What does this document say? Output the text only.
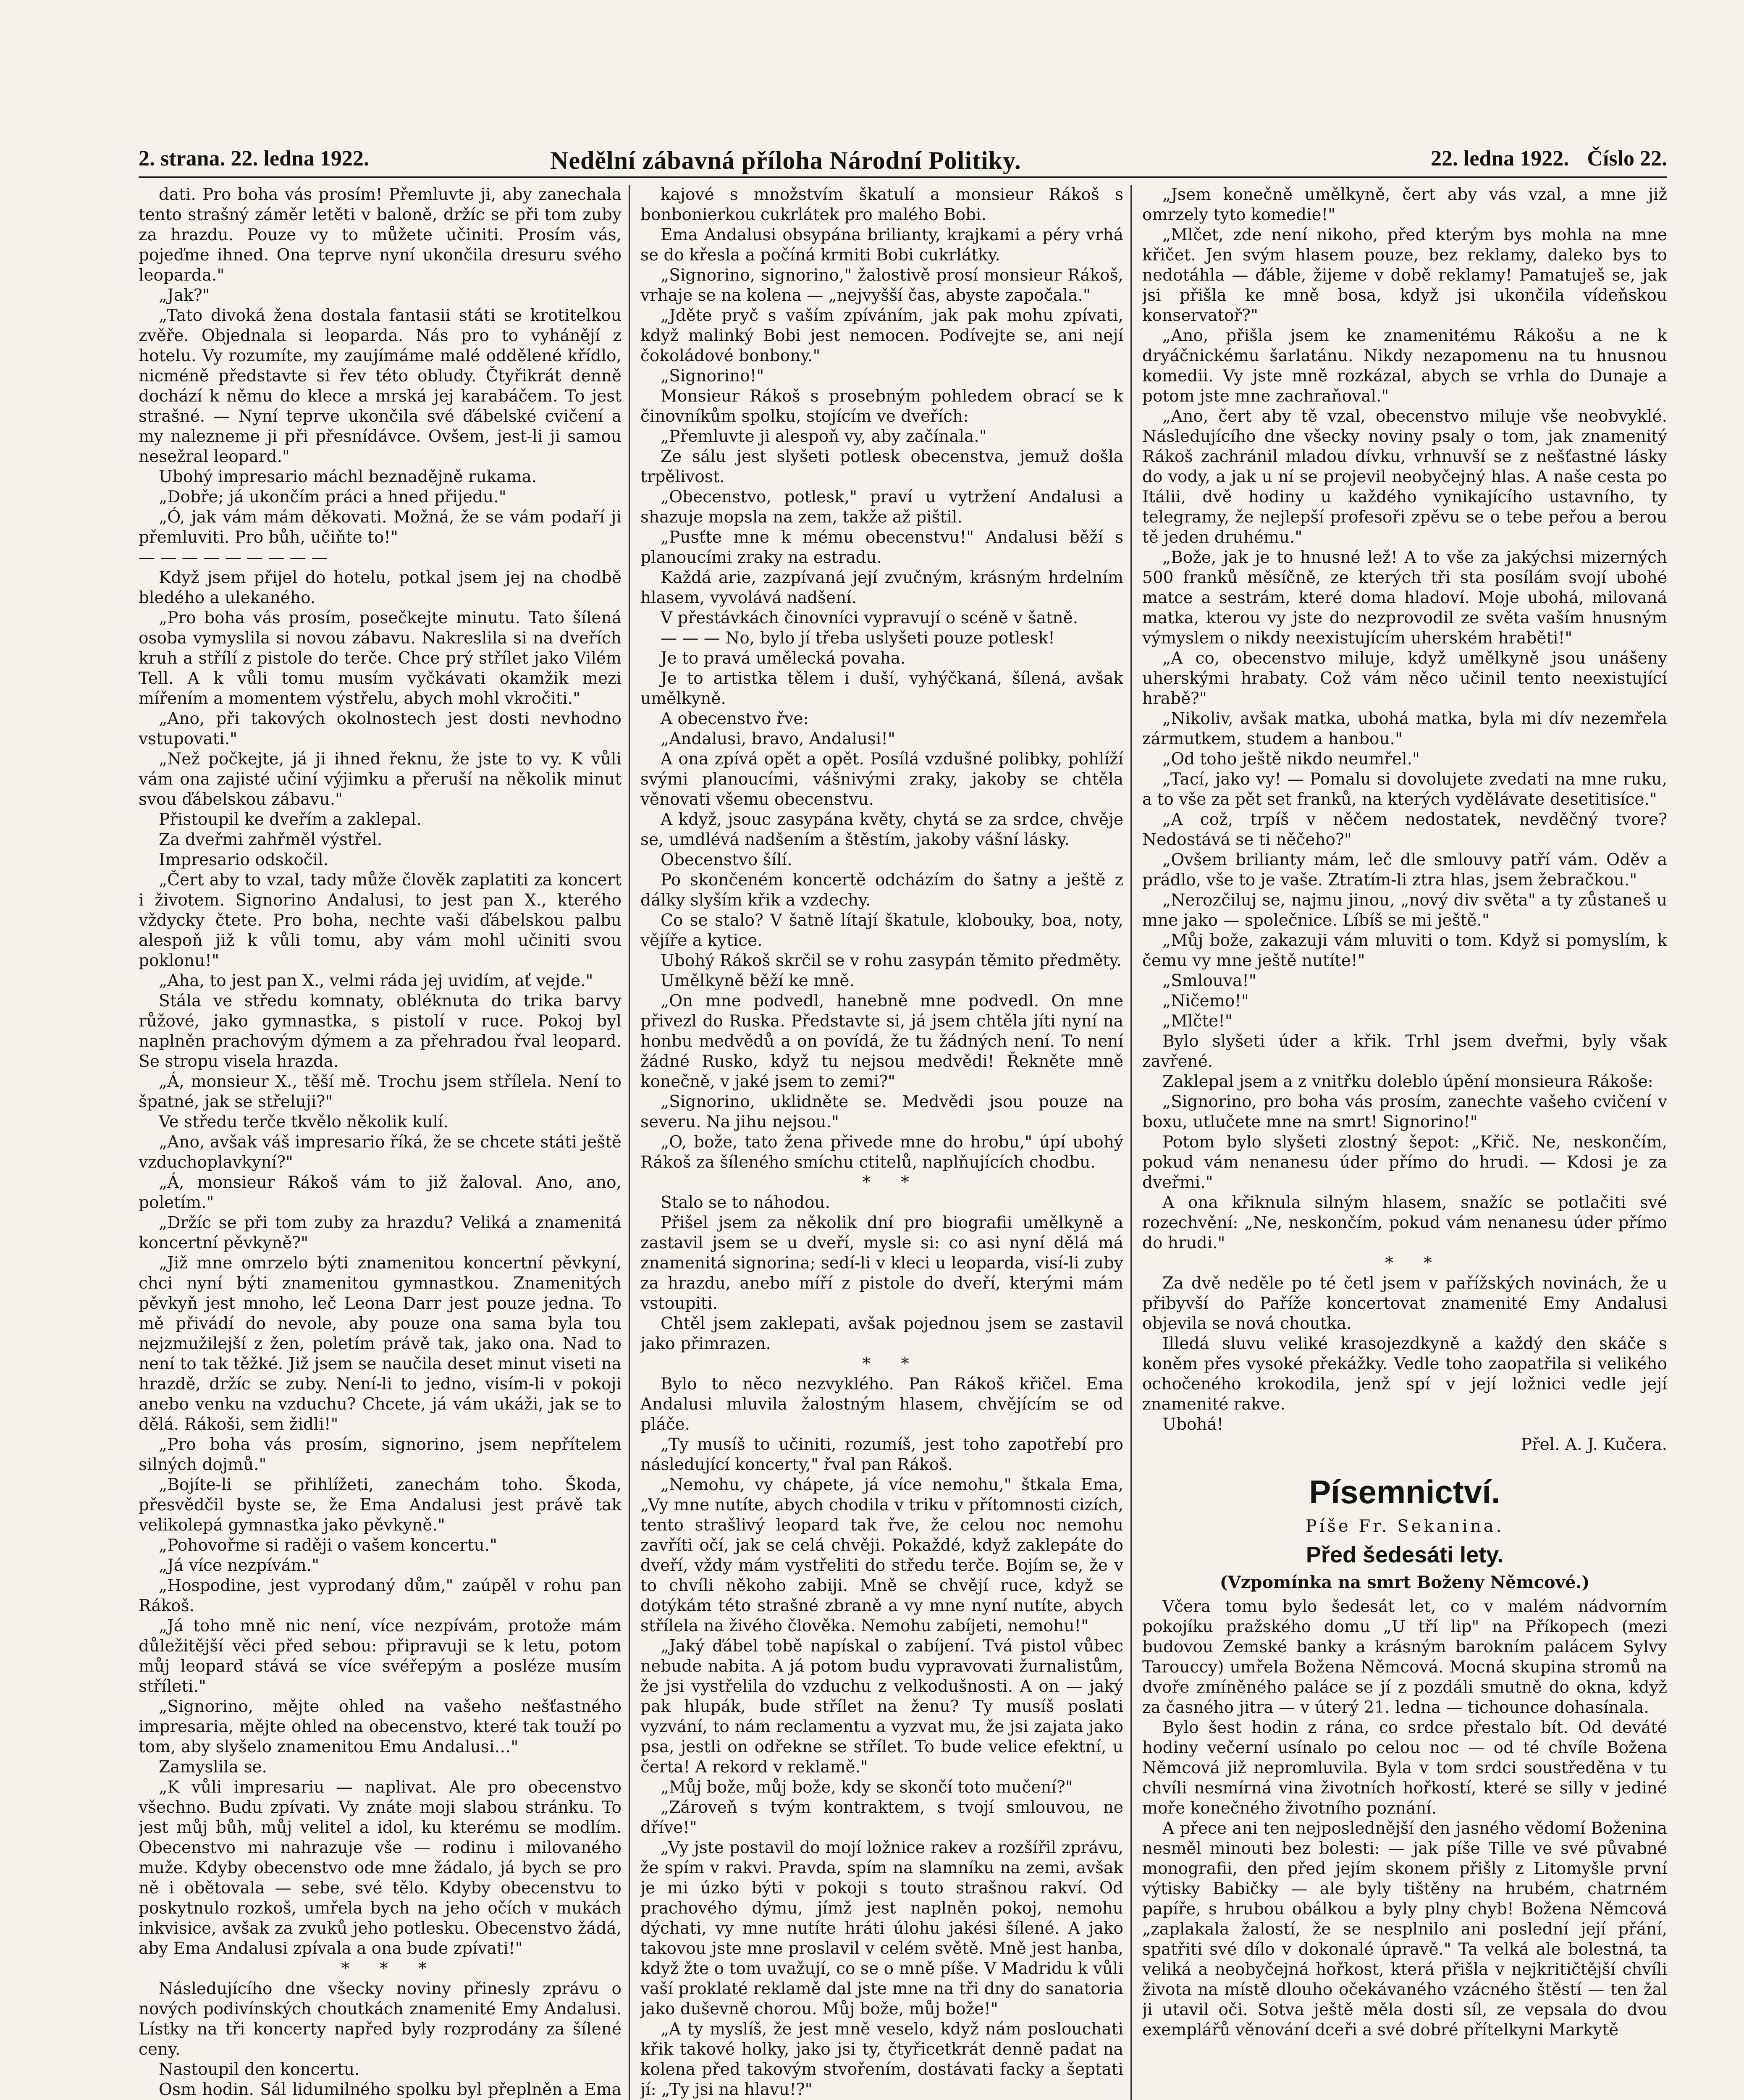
2. strana. 22. ledna 1922.	Nedělní zábavná příloha Národní Politiky.	22. ledna 1922. Číslo 22.

dati. Pro boha vás prosím! Přemluvte ji, aby zanechala tento strašný záměr letěti v baloně, držíc se při tom zuby za hrazdu. Pouze vy to můžete učiniti. Prosím vás, pojeďme ihned. Ona teprve nyní ukončila dresuru svého leoparda."

„Jak?"

„Tato divoká žena dostala fantasii státi se krotitelkou zvěře. Objednala si leoparda. Nás pro to vyhánějí z hotelu. Vy rozumíte, my zaujímáme malé oddělené křídlo, nicméně představte si řev této obludy. Čtyřikrát denně dochází k němu do klece a mrská jej karabáčem. To jest strašné. — Nyní teprve ukončila své ďábelské cvičení a my nalezneme ji při přesnídávce. Ovšem, jest-li ji samou nesežral leopard."

Ubohý impresario máchl beznadějně rukama.

„Dobře; já ukončím práci a hned přijedu."

„Ó, jak vám mám děkovati. Možná, že se vám podaří ji přemluviti. Pro bůh, učiňte to!"

— — — — — — — — —

Když jsem přijel do hotelu, potkal jsem jej na chodbě bledého a ulekaného.

„Pro boha vás prosím, posečkejte minutu. Tato šílená osoba vymyslila si novou zábavu. Nakreslila si na dveřích kruh a střílí z pistole do terče. Chce prý střílet jako Vilém Tell. A k vůli tomu musím vyčkávati okamžik mezi mířením a momentem výstřelu, abych mohl vkročiti."

„Ano, při takových okolnostech jest dosti nevhodno vstupovati."

„Než počkejte, já ji ihned řeknu, že jste to vy. K vůli vám ona zajisté učiní výjimku a přeruší na několik minut svou ďábelskou zábavu."

Přistoupil ke dveřím a zaklepal.

Za dveřmi zahřměl výstřel.

Impresario odskočil.

„Čert aby to vzal, tady může člověk zaplatiti za koncert i životem. Signorino Andalusi, to jest pan X., kterého vždycky čtete. Pro boha, nechte vaši ďábelskou palbu alespoň již k vůli tomu, aby vám mohl učiniti svou poklonu!"

„Aha, to jest pan X., velmi ráda jej uvidím, ať vejde."

Stála ve středu komnaty, obléknuta do trika barvy růžové, jako gymnastka, s pistolí v ruce. Pokoj byl naplněn prachovým dýmem a za přehradou řval leopard. Se stropu visela hrazda.

„Á, monsieur X., těší mě. Trochu jsem střílela. Není to špatné, jak se střeluji?"

Ve středu terče tkvělo několik kulí.

„Ano, avšak váš impresario říká, že se chcete státi ještě vzduchoplavkyní?"

„Á, monsieur Rákoš vám to již žaloval. Ano, ano, poletím."

„Držíc se při tom zuby za hrazdu? Veliká a znamenitá koncertní pěvkyně?"

„Již mne omrzelo býti znamenitou koncertní pěvkyní, chci nyní býti znamenitou gymnastkou. Znamenitých pěvkyň jest mnoho, leč Leona Darr jest pouze jedna. To mě přivádí do nevole, aby pouze ona sama byla tou nejzmužilejší z žen, poletím právě tak, jako ona. Nad to není to tak těžké. Již jsem se naučila deset minut viseti na hrazdě, držíc se zuby. Není-li to jedno, visím-li v pokoji anebo venku na vzduchu? Chcete, já vám ukáži, jak se to dělá. Rákoši, sem židli!"

„Pro boha vás prosím, signorino, jsem nepřítelem silných dojmů."

„Bojíte-li se přihlížeti, zanechám toho. Škoda, přesvědčil byste se, že Ema Andalusi jest právě tak velikolepá gymnastka jako pěvkyně."

„Pohovořme si raději o vašem koncertu."

„Já více nezpívám."

„Hospodine, jest vyprodaný dům," zaúpěl v rohu pan Rákoš.

„Já toho mně nic není, více nezpívám, protože mám důležitější věci před sebou: připravuji se k letu, potom můj leopard stává se více svéřepým a posléze musím stříleti."

„Signorino, mějte ohled na vašeho nešťastného impresaria, mějte ohled na obecenstvo, které tak touží po tom, aby slyšelo znamenitou Emu Andalusi…"

Zamyslila se.

„K vůli impresariu — naplivat. Ale pro obecenstvo všechno. Budu zpívati. Vy znáte moji slabou stránku. To jest můj bůh, můj velitel a idol, ku kterému se modlím. Obecenstvo mi nahrazuje vše — rodinu i milovaného muže. Kdyby obecenstvo ode mne žádalo, já bych se pro ně i obětovala — sebe, své tělo. Kdyby obecenstvu to poskytnulo rozkoš, umřela bych na jeho očích v mukách inkvisice, avšak za zvuků jeho potlesku. Obecenstvo žádá, aby Ema Andalusi zpívala a ona bude zpívati!"

* * *

Následujícího dne všecky noviny přinesly zprávu o nových podivínských choutkách znamenité Emy Andalusi. Lístky na tři koncerty napřed byly rozprodány za šílené ceny.

Nastoupil den koncertu.

Osm hodin. Sál lidumilného spolku byl přeplněn a Ema

kajové s množstvím škatulí a monsieur Rákoš s bonbonierkou cukrlátek pro malého Bobi.

Ema Andalusi obsypána brilianty, krajkami a péry vrhá se do křesla a počíná krmiti Bobi cukrlátky.

„Signorino, signorino," žalostivě prosí monsieur Rákoš, vrhaje se na kolena — „nejvyšší čas, abyste započala."

„Jděte pryč s vaším zpíváním, jak pak mohu zpívati, když malinký Bobi jest nemocen. Podívejte se, ani nejí čokoládové bonbony."

„Signorino!"

Monsieur Rákoš s prosebným pohledem obrací se k činovníkům spolku, stojícím ve dveřích:

„Přemluvte ji alespoň vy, aby začínala."

Ze sálu jest slyšeti potlesk obecenstva, jemuž došla trpělivost.

„Obecenstvo, potlesk," praví u vytržení Andalusi a shazuje mopsla na zem, takže až pištil.

„Pusťte mne k mému obecenstvu!" Andalusi běží s planoucími zraky na estradu.

Každá arie, zazpívaná její zvučným, krásným hrdelním hlasem, vyvolává nadšení.

V přestávkách činovníci vypravují o scéně v šatně.

— — — No, bylo jí třeba uslyšeti pouze potlesk!

Je to pravá umělecká povaha.

Je to artistka tělem i duší, vyhýčkaná, šílená, avšak umělkyně.

A obecenstvo řve:

„Andalusi, bravo, Andalusi!"

A ona zpívá opět a opět. Posílá vzdušné polibky, pohlíží svými planoucími, vášnivými zraky, jakoby se chtěla věnovati všemu obecenstvu.

A když, jsouc zasypána květy, chytá se za srdce, chvěje se, umdlévá nadšením a štěstím, jakoby vášní lásky.

Obecenstvo šílí.

Po skončeném koncertě odcházím do šatny a ještě z dálky slyším křik a vzdechy.

Co se stalo? V šatně lítají škatule, klobouky, boa, noty, vějíře a kytice.

Ubohý Rákoš skrčil se v rohu zasypán těmito předměty.

Umělkyně běží ke mně.

„On mne podvedl, hanebně mne podvedl. On mne přivezl do Ruska. Představte si, já jsem chtěla jíti nyní na honbu medvědů a on povídá, že tu žádných není. To není žádné Rusko, když tu nejsou medvědi! Řekněte mně konečně, v jaké jsem to zemi?"

„Signorino, uklidněte se. Medvědi jsou pouze na severu. Na jihu nejsou."

„O, bože, tato žena přivede mne do hrobu," úpí ubohý Rákoš za šíleného smíchu ctitelů, naplňujících chodbu.

* *

Stalo se to náhodou.

Přišel jsem za několik dní pro biografii umělkyně a zastavil jsem se u dveří, mysle si: co asi nyní dělá má znamenitá signorina; sedí-li v kleci u leoparda, visí-li zuby za hrazdu, anebo míří z pistole do dveří, kterými mám vstoupiti.

Chtěl jsem zaklepati, avšak pojednou jsem se zastavil jako přimrazen.

* *

Bylo to něco nezvyklého. Pan Rákoš křičel. Ema Andalusi mluvila žalostným hlasem, chvějícím se od pláče.

„Ty musíš to učiniti, rozumíš, jest toho zapotřebí pro následující koncerty," řval pan Rákoš.

„Nemohu, vy chápete, já více nemohu," štkala Ema, „Vy mne nutíte, abych chodila v triku v přítomnosti cizích, tento strašlivý leopard tak řve, že celou noc nemohu zavříti očí, jak se celá chvěji. Pokaždé, když zaklepáte do dveří, vždy mám vystřeliti do středu terče. Bojím se, že v to chvíli někoho zabiji. Mně se chvějí ruce, když se dotýkám této strašné zbraně a vy mne nyní nutíte, abych střílela na živého člověka. Nemohu zabíjeti, nemohu!"

„Jaký ďábel tobě napískal o zabíjení. Tvá pistol vůbec nebude nabita. A já potom budu vypravovati žurnalistům, že jsi vystřelila do vzduchu z velkodušnosti. A on — jaký pak hlupák, bude střílet na ženu? Ty musíš poslati vyzvání, to nám reclamentu a vyzvat mu, že jsi zajata jako psa, jestli on odřekne se střílet. To bude velice efektní, u čerta! A rekord v reklamě."

„Můj bože, můj bože, kdy se skončí toto mučení?"

„Zároveň s tvým kontraktem, s tvojí smlouvou, ne dříve!"

„Vy jste postavil do mojí ložnice rakev a rozšířil zprávu, že spím v rakvi. Pravda, spím na slamníku na zemi, avšak je mi úzko býti v pokoji s touto strašnou rakví. Od prachového dýmu, jímž jest naplněn pokoj, nemohu dýchati, vy mne nutíte hráti úlohu jakési šílené. A jako takovou jste mne proslavil v celém světě. Mně jest hanba, když žte o tom uvažují, co se o mně píše. V Madridu k vůli vaší proklaté reklamě dal jste mne na tři dny do sanatoria jako duševně chorou. Můj bože, můj bože!"

„A ty myslíš, že jest mně veselo, když nám poslouchati křik takové holky, jako jsi ty, čtyřicetkrát denně padat na kolena před takovým stvořením, dostávati facky a šeptati jí: „Ty jsi na hlavu!?"

„Jsem konečně umělkyně, čert aby vás vzal, a mne již omrzely tyto komedie!"

„Mlčet, zde není nikoho, před kterým bys mohla na mne křičet. Jen svým hlasem pouze, bez reklamy, daleko bys to nedotáhla — ďáble, žijeme v době reklamy! Pamatuješ se, jak jsi přišla ke mně bosa, když jsi ukončila vídeňskou konservatoř?"

„Ano, přišla jsem ke znamenitému Rákošu a ne k dryáčnickému šarlatánu. Nikdy nezapomenu na tu hnusnou komedii. Vy jste mně rozkázal, abych se vrhla do Dunaje a potom jste mne zachraňoval."

„Ano, čert aby tě vzal, obecenstvo miluje vše neobvyklé. Následujícího dne všecky noviny psaly o tom, jak znamenitý Rákoš zachránil mladou dívku, vrhnuvší se z nešťastné lásky do vody, a jak u ní se projevil neobyčejný hlas. A naše cesta po Itálii, dvě hodiny u každého vynikajícího ustavního, ty telegramy, že nejlepší profesoři zpěvu se o tebe peřou a berou tě jeden druhému."

„Bože, jak je to hnusné lež! A to vše za jakýchsi mizerných 500 franků měsíčně, ze kterých tři sta posílám svojí ubohé matce a sestrám, které doma hladoví. Moje ubohá, milovaná matka, kterou vy jste do nezprovodil ze světa vaším hnusným výmyslem o nikdy neexistujícím uherském hraběti!"

„A co, obecenstvo miluje, když umělkyně jsou unášeny uherskými hrabaty. Což vám něco učinil tento neexistující hrabě?"

„Nikoliv, avšak matka, ubohá matka, byla mi dív nezemřela zármutkem, studem a hanbou."

„Od toho ještě nikdo neumřel."

„Tací, jako vy! — Pomalu si dovolujete zvedati na mne ruku, a to vše za pět set franků, na kterých vydělávate desetitisíce."

„A což, trpíš v něčem nedostatek, nevděčný tvore? Nedostává se ti něčeho?"

„Ovšem brilianty mám, leč dle smlouvy patří vám. Oděv a prádlo, vše to je vaše. Ztratím-li ztra hlas, jsem žebračkou."

„Nerozčiluj se, najmu jinou, „nový div světa" a ty zůstaneš u mne jako — společnice. Líbíš se mi ještě."

„Můj bože, zakazuji vám mluviti o tom. Když si pomyslím, k čemu vy mne ještě nutíte!"

„Smlouva!"

„Ničemo!"

„Mlčte!"

Bylo slyšeti úder a křik. Trhl jsem dveřmi, byly však zavřené.

Zaklepal jsem a z vnitřku doleblo úpění monsieura Rákoše:

„Signorino, pro boha vás prosím, zanechte vašeho cvičení v boxu, utlučete mne na smrt! Signorino!"

Potom bylo slyšeti zlostný šepot: „Křič. Ne, neskončím, pokud vám nenanesu úder přímo do hrudi. — Kdosi je za dveřmi."

A ona křiknula silným hlasem, snažíc se potlačiti své rozechvění: „Ne, neskončím, pokud vám nenanesu úder přímo do hrudi."

* *

Za dvě neděle po té četl jsem v pařížských novinách, že u přibyvší do Paříže koncertovat znamenité Emy Andalusi objevila se nová choutka.

Illedá sluvu veliké krasojezdkyně a každý den skáče s koněm přes vysoké překážky. Vedle toho zaopatřila si velikého ochočeného krokodila, jenž spí v její ložnici vedle její znamenité rakve.

Ubohá!

Přel. A. J. Kučera.

Písemnictví.
Píše Fr. Sekanina.
Před šedesáti lety.
(Vzpomínka na smrt Boženy Němcové.)

Včera tomu bylo šedesát let, co v malém nádvorním pokojíku pražského domu „U tří lip" na Příkopech (mezi budovou Zemské banky a krásným barokním palácem Sylvy Tarouccy) umřela Božena Němcová. Mocná skupina stromů na dvoře zmíněného paláce se jí z pozdáli smutně do okna, když za časného jitra — v úterý 21. ledna — tichounce dohasínala.

Bylo šest hodin z rána, co srdce přestalo bít. Od deváté hodiny večerní usínalo po celou noc — od té chvíle Božena Němcová již nepromluvila. Byla v tom srdci soustředěna v tu chvíli nesmírná vina životních hořkostí, které se silly v jediné moře konečného životního poznání.

A přece ani ten nejposlednější den jasného vědomí Boženina nesměl minouti bez bolesti: — jak píše Tille ve své půvabné monografii, den před jejím skonem přišly z Litomyšle první výtisky Babičky — ale byly tištěny na hrubém, chatrném papíře, s hrubou obálkou a byly plny chyb! Božena Němcová „zaplakala žalostí, že se nesplnilo ani poslední její přání, spatřiti své dílo v dokonalé úpravě." Ta velká ale bolestná, ta veliká a neobyčejná hořkost, která přišla v nejkritičtější chvíli života na místě dlouho očekávaného vzácného štěstí — ten žal ji utavil oči. Sotva ještě měla dosti síl, ze vepsala do dvou exemplářů věnování dceři a své dobré přítelkyni Markytě
